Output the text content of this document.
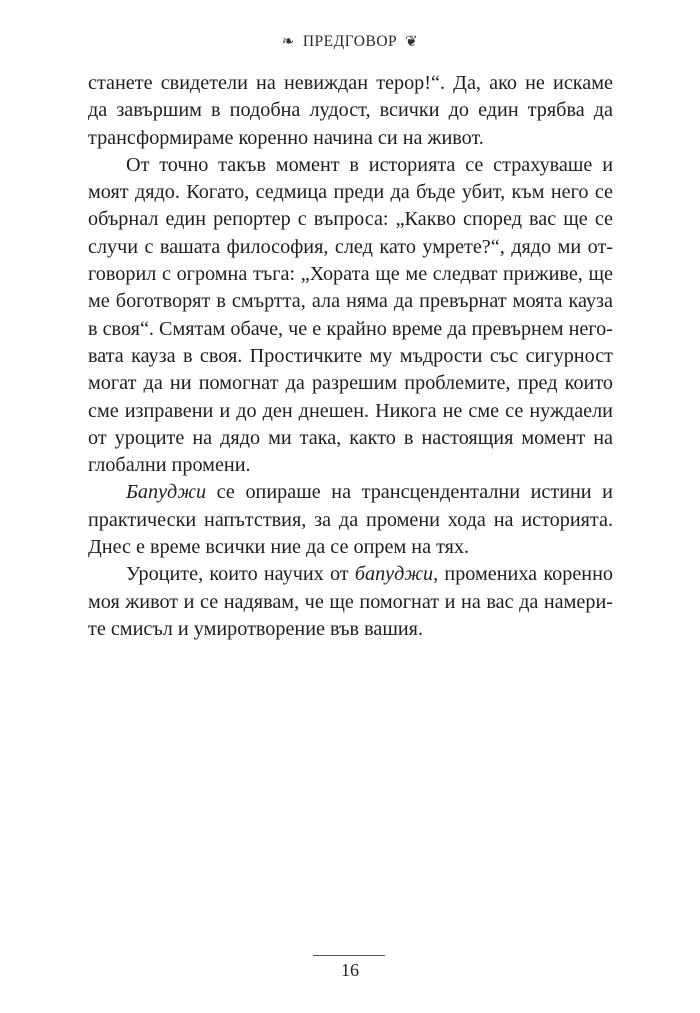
❧ ПРЕДГОВОР ❦
станете свидетели на невиждан терор!“. Да, ако не искаме
да завършим в подобна лудост, всички до един трябва да
трансформираме коренно начина си на живот.
От точно такъв момент в историята се страхуваше и
моят дядо. Когато, седмица преди да бъде убит, към него се
обърнал един репортер с въпроса: „Какво според вас ще се
случи с вашата философия, след като умрете?“, дядо ми от-
говорил с огромна тъга: „Хората ще ме следват приживе, ще
ме боготворят в смъртта, ала няма да превърнат моята кауза
в своя“. Смятам обаче, че е крайно време да превърнем него-
вата кауза в своя. Простичките му мъдрости със сигурност
могат да ни помогнат да разрешим проблемите, пред които
сме изправени и до ден днешен. Никога не сме се нуждаели
от уроците на дядо ми така, както в настоящия момент на
глобални промени.
Бапуджи се опираше на трансцендентални истини и
практически напътствия, за да промени хода на историята.
Днес е време всички ние да се опрем на тях.
Уроците, които научих от бапуджи, промениха коренно
моя живот и се надявам, че ще помогнат и на вас да намери-
те смисъл и умиротворение във вашия.
16
